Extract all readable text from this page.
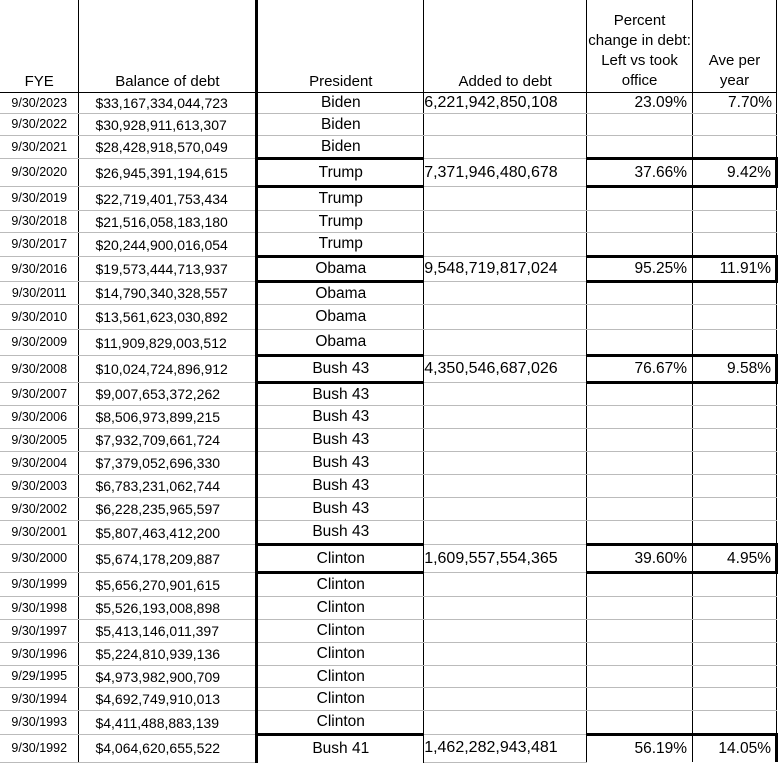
FYE	Balance of debt	President	Added to debt	Percent change in debt: Left vs took office	Ave per year
9/30/2023	$33,167,334,044,723	Biden	6,221,942,850,108	23.09%	7.70%
9/30/2022	$30,928,911,613,307	Biden			
9/30/2021	$28,428,918,570,049	Biden			
9/30/2020	$26,945,391,194,615	Trump	7,371,946,480,678	37.66%	9.42%
9/30/2019	$22,719,401,753,434	Trump			
9/30/2018	$21,516,058,183,180	Trump			
9/30/2017	$20,244,900,016,054	Trump			
9/30/2016	$19,573,444,713,937	Obama	9,548,719,817,024	95.25%	11.91%
9/30/2011	$14,790,340,328,557	Obama			
9/30/2010	$13,561,623,030,892	Obama			
9/30/2009	$11,909,829,003,512	Obama			
9/30/2008	$10,024,724,896,912	Bush 43	4,350,546,687,026	76.67%	9.58%
9/30/2007	$9,007,653,372,262	Bush 43			
9/30/2006	$8,506,973,899,215	Bush 43			
9/30/2005	$7,932,709,661,724	Bush 43			
9/30/2004	$7,379,052,696,330	Bush 43			
9/30/2003	$6,783,231,062,744	Bush 43			
9/30/2002	$6,228,235,965,597	Bush 43			
9/30/2001	$5,807,463,412,200	Bush 43			
9/30/2000	$5,674,178,209,887	Clinton	1,609,557,554,365	39.60%	4.95%
9/30/1999	$5,656,270,901,615	Clinton			
9/30/1998	$5,526,193,008,898	Clinton			
9/30/1997	$5,413,146,011,397	Clinton			
9/30/1996	$5,224,810,939,136	Clinton			
9/29/1995	$4,973,982,900,709	Clinton			
9/30/1994	$4,692,749,910,013	Clinton			
9/30/1993	$4,411,488,883,139	Clinton			
9/30/1992	$4,064,620,655,522	Bush 41	1,462,282,943,481	56.19%	14.05%
